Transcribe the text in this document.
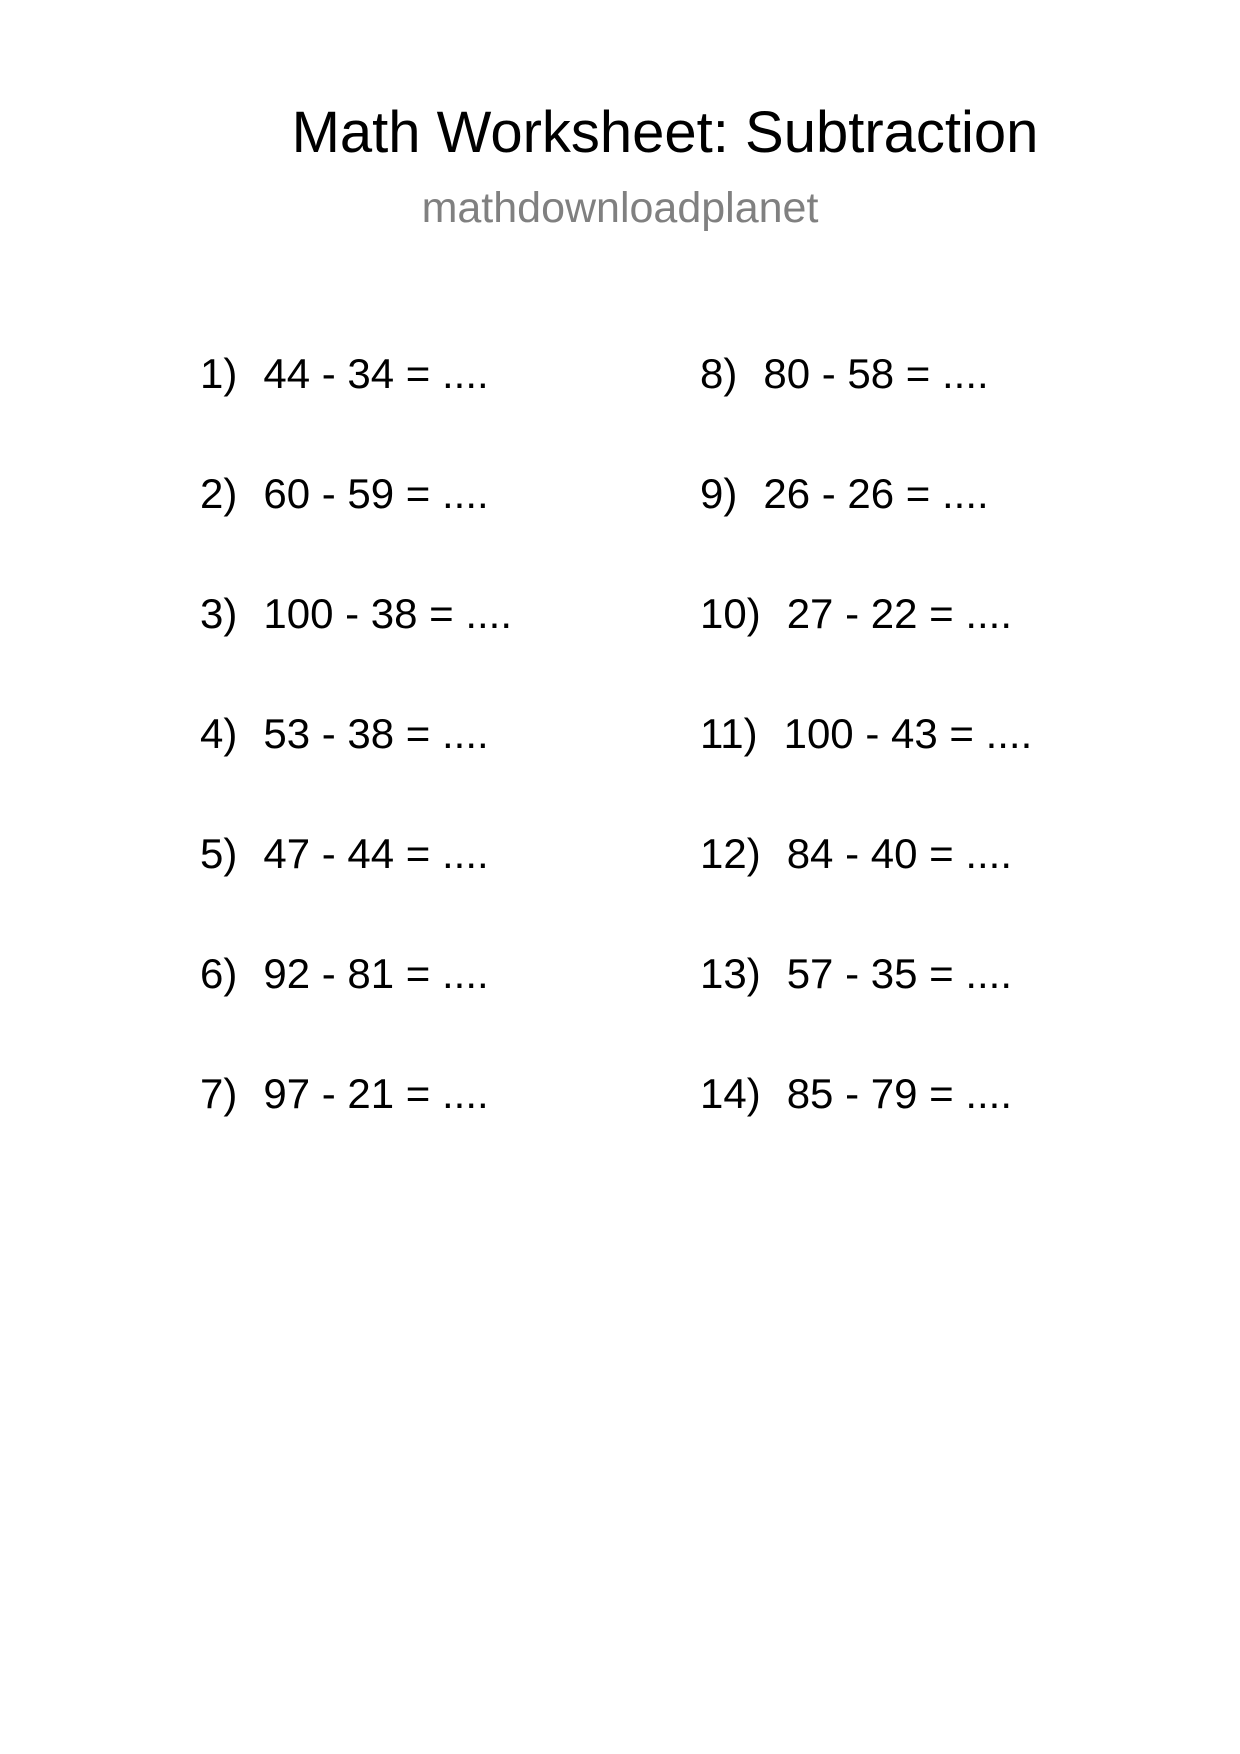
Math Worksheet: Subtraction
mathdownloadplanet
1) 44 - 34 = ....
2) 60 - 59 = ....
3) 100 - 38 = ....
4) 53 - 38 = ....
5) 47 - 44 = ....
6) 92 - 81 = ....
7) 97 - 21 = ....
8) 80 - 58 = ....
9) 26 - 26 = ....
10) 27 - 22 = ....
11) 100 - 43 = ....
12) 84 - 40 = ....
13) 57 - 35 = ....
14) 85 - 79 = ....
